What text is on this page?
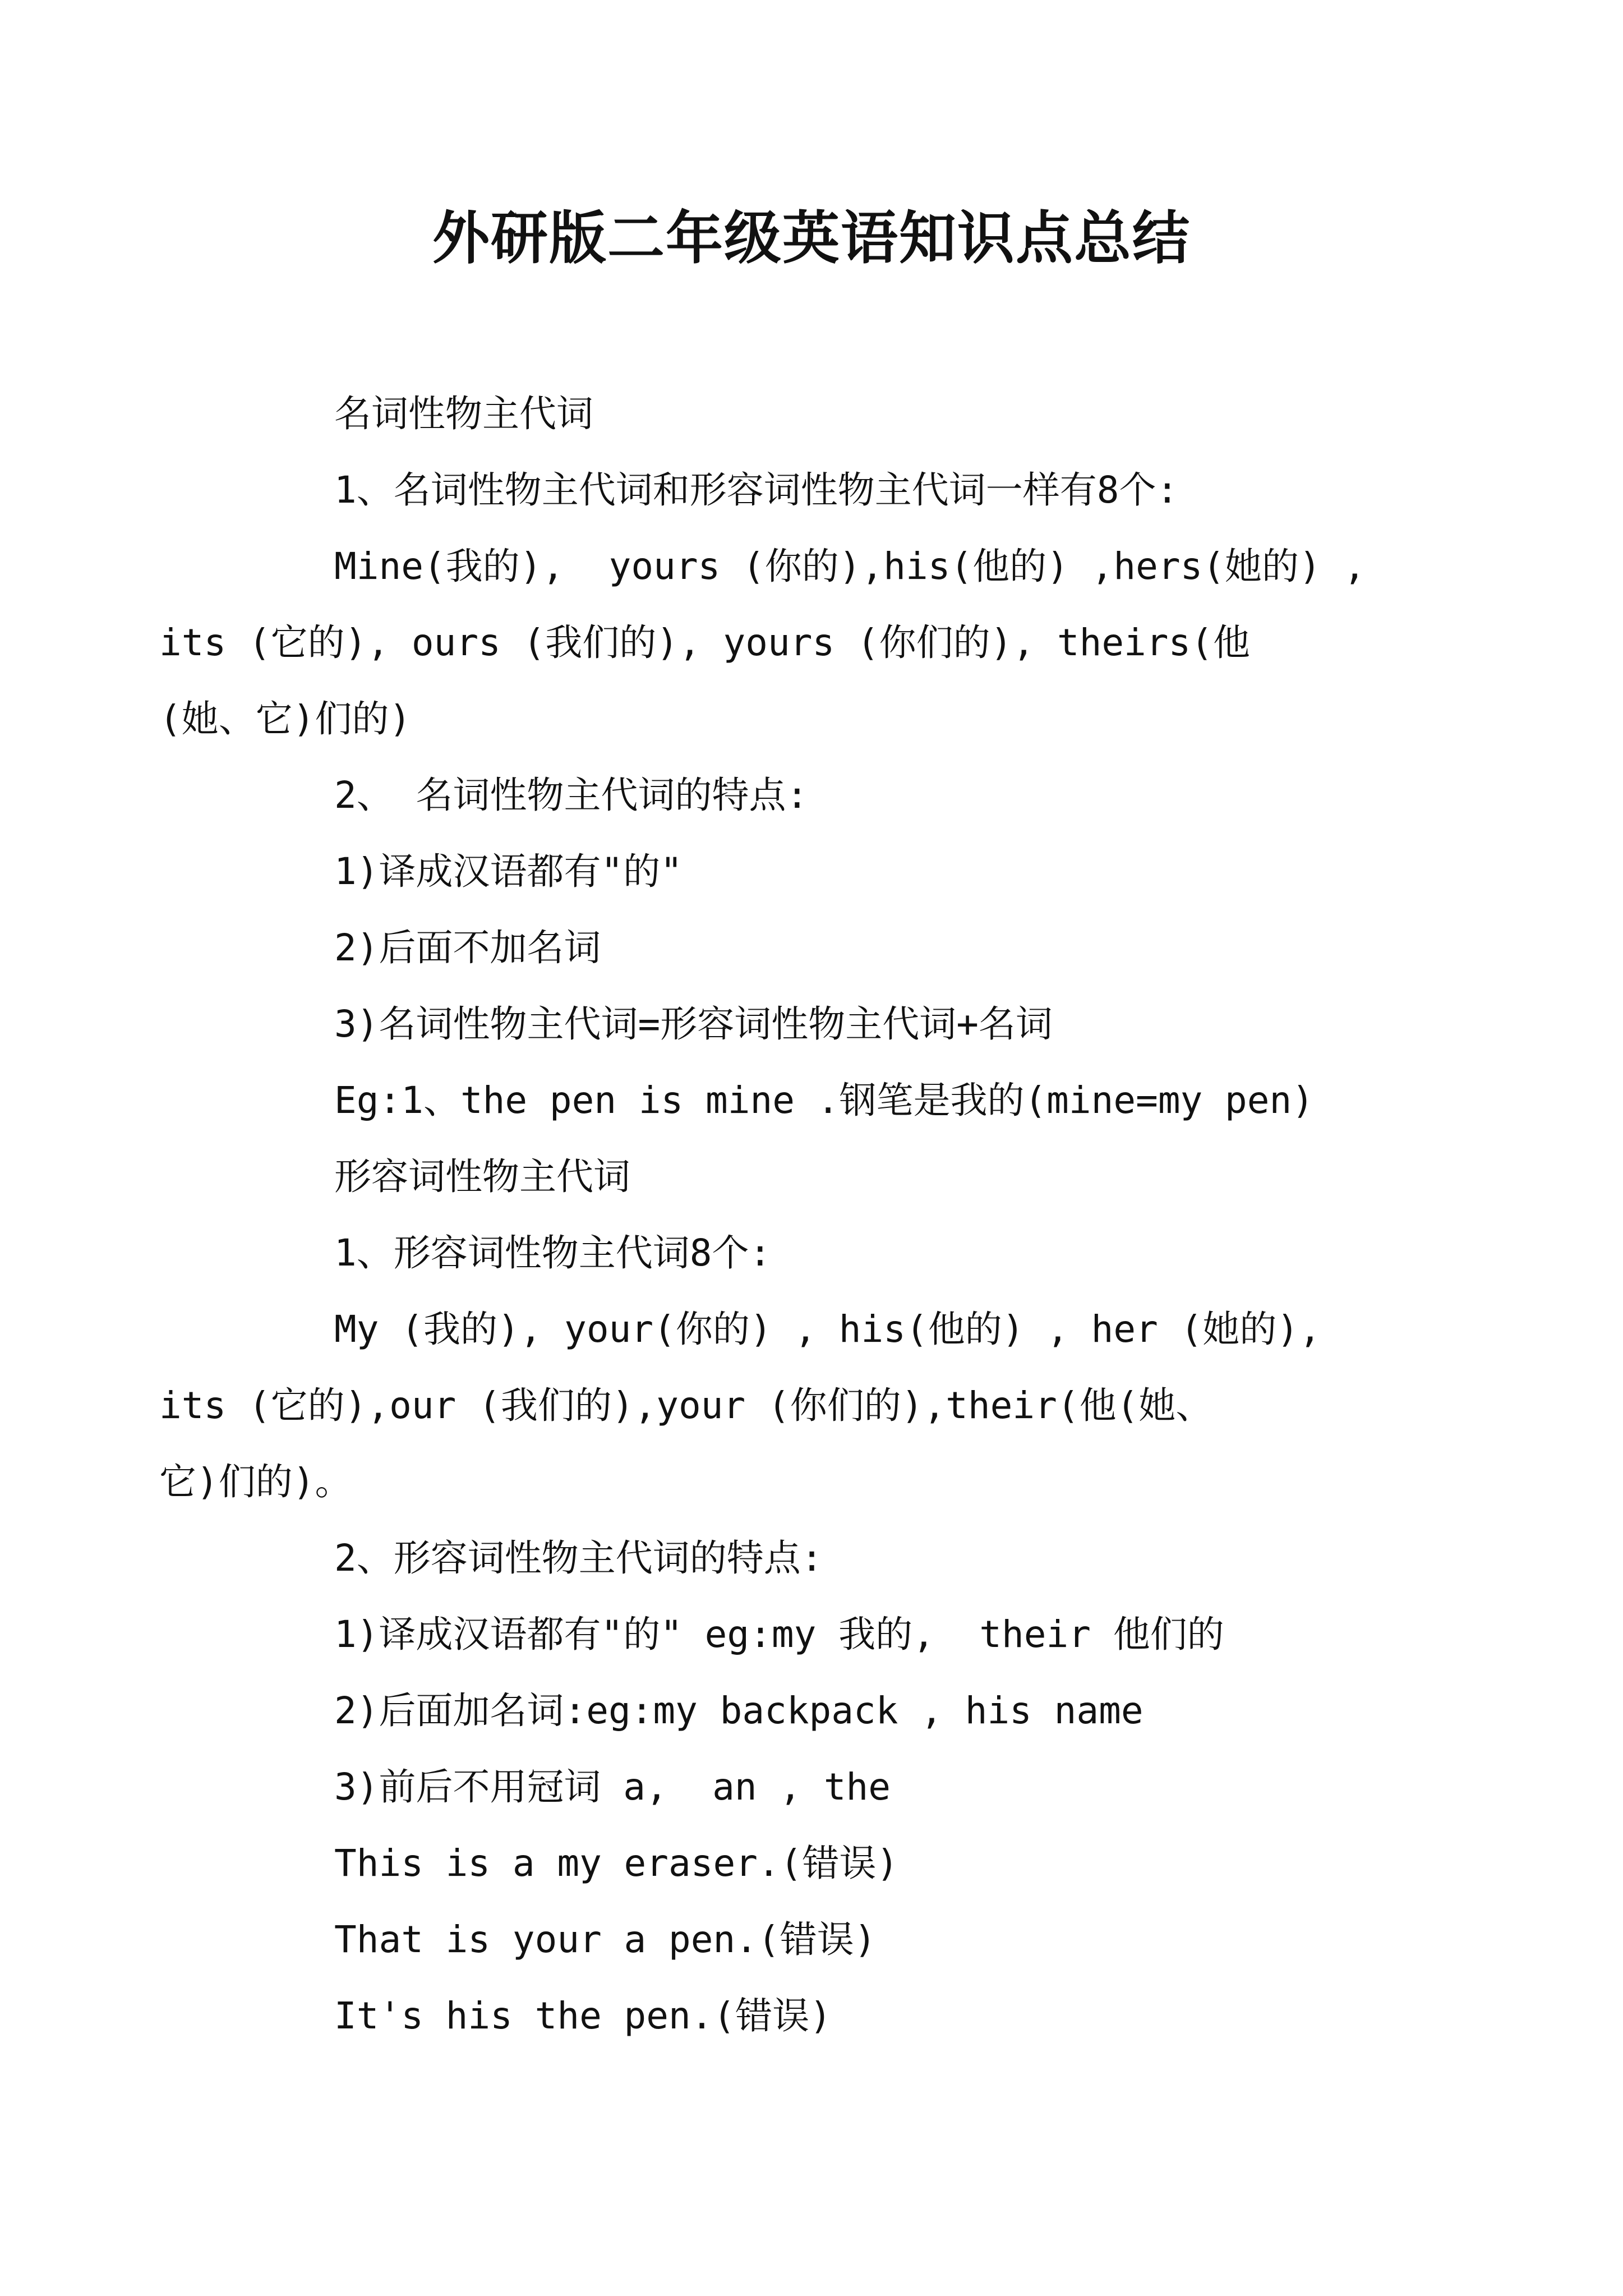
外研版二年级英语知识点总结

名词性物主代词

1、名词性物主代词和形容词性物主代词一样有8个:

Mine(我的),  yours (你的),his(他的) ,hers(她的) ,

its (它的), ours (我们的), yours (你们的), theirs(他

(她、它)们的)

2、 名词性物主代词的特点:

1)译成汉语都有"的"

2)后面不加名词

3)名词性物主代词=形容词性物主代词+名词

Eg:1、the pen is mine .钢笔是我的(mine=my pen)

形容词性物主代词

1、形容词性物主代词8个:

My (我的), your(你的) , his(他的) , her (她的),

its (它的),our (我们的),your (你们的),their(他(她、

它)们的)。

2、形容词性物主代词的特点:

1)译成汉语都有"的" eg:my 我的,  their 他们的

2)后面加名词:eg:my backpack , his name

3)前后不用冠词 a,  an , the

This is a my eraser.(错误)

That is your a pen.(错误)

It's his the pen.(错误)
